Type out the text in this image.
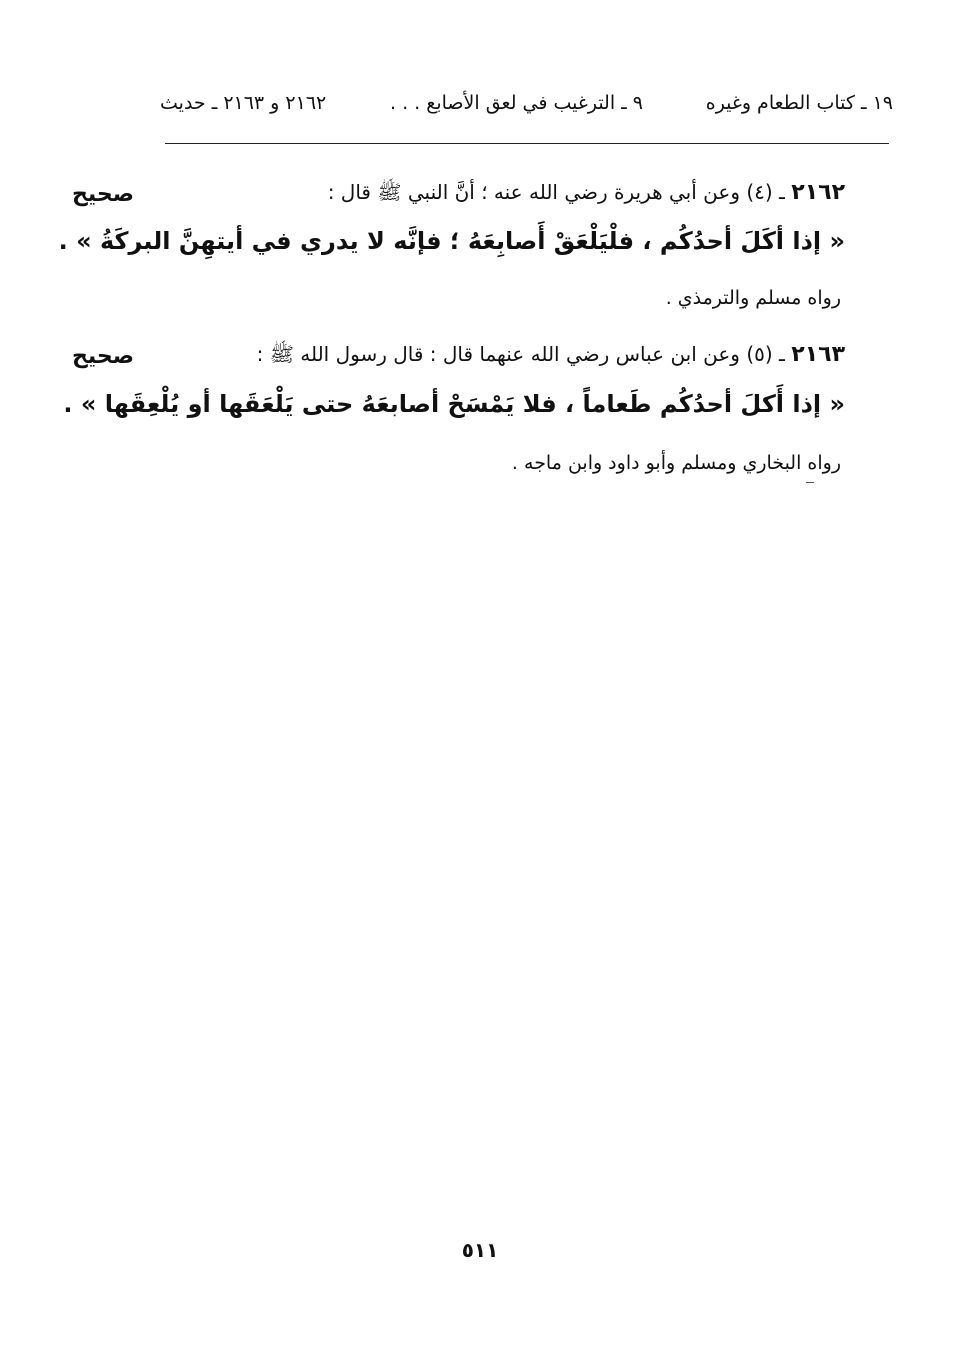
١٩ ـ كتاب الطعام وغيره
٩ ـ الترغيب في لعق الأصابع . . .
٢١٦٢ و ٢١٦٣ ـ حديث
٢١٦٢ ـ (٤) وعن أبي هريرة رضي الله عنه ؛ أنَّ النبي ﷺ قال :
صحيح
« إذا أكَلَ أحدُكُم ، فلْيَلْعَقْ أَصابِعَهُ ؛ فإنَّه لا يدري في أيتهِنَّ البركَةُ » .
رواه مسلم والترمذي .
٢١٦٣ ـ (٥) وعن ابن عباس رضي الله عنهما قال : قال رسول الله ﷺ :
صحيح
« إذا أَكلَ أحدُكُم طَعاماً ، فلا يَمْسَحْ أصابعَهُ حتى يَلْعَقَها أو يُلْعِقَها » .
رواه البخاري ومسلم وأبو داود وابن ماجه .
٥١١
